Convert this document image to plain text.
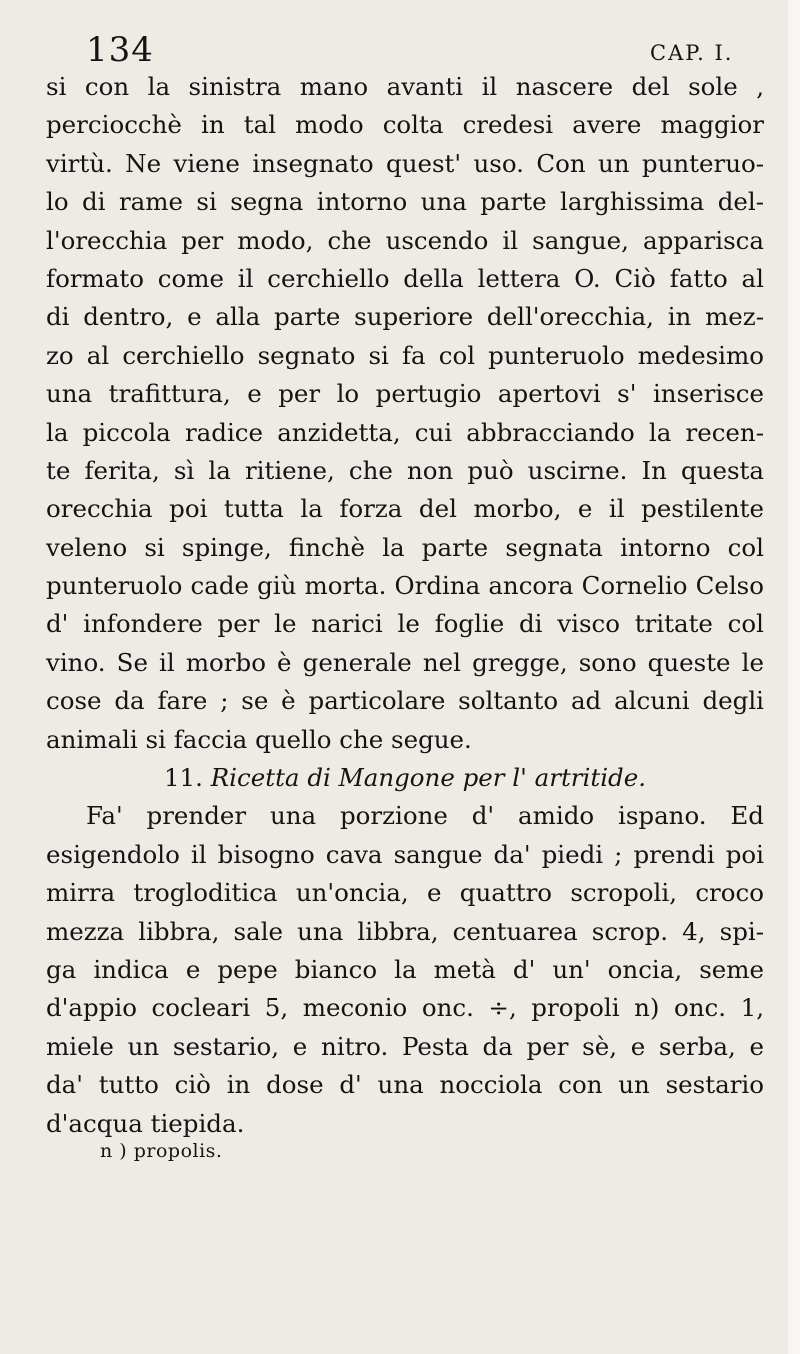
134	CAP. I.
si con la sinistra mano avanti il nascere del sole ,
perciocchè in tal modo colta credesi avere maggior
virtù. Ne viene insegnato quest' uso. Con un punteruo-
lo di rame si segna intorno una parte larghissima del-
l'orecchia per modo, che uscendo il sangue, apparisca
formato come il cerchiello della lettera O. Ciò fatto al
di dentro, e alla parte superiore dell'orecchia, in mez-
zo al cerchiello segnato si fa col punteruolo medesimo
una trafittura, e per lo pertugio apertovi s' inserisce
la piccola radice anzidetta, cui abbracciando la recen-
te ferita, sì la ritiene, che non può uscirne. In questa
orecchia poi tutta la forza del morbo, e il pestilente
veleno si spinge, finchè la parte segnata intorno col
punteruolo cade giù morta. Ordina ancora Cornelio Celso
d' infondere per le narici le foglie di visco tritate col
vino. Se il morbo è generale nel gregge, sono queste le
cose da fare ; se è particolare soltanto ad alcuni degli
animali si faccia quello che segue.
11. Ricetta di Mangone per l' artritide.
Fa' prender una porzione d' amido ispano. Ed
esigendolo il bisogno cava sangue da' piedi ; prendi poi
mirra trogloditica un'oncia, e quattro scropoli, croco
mezza libbra, sale una libbra, centuarea scrop. 4, spi-
ga indica e pepe bianco la metà d' un' oncia, seme
d'appio cocleari 5, meconio onc. ÷, propoli n) onc. 1,
miele un sestario, e nitro. Pesta da per sè, e serba, e
da' tutto ciò in dose d' una nocciola con un sestario
d'acqua tiepida.
n ) propolis.
